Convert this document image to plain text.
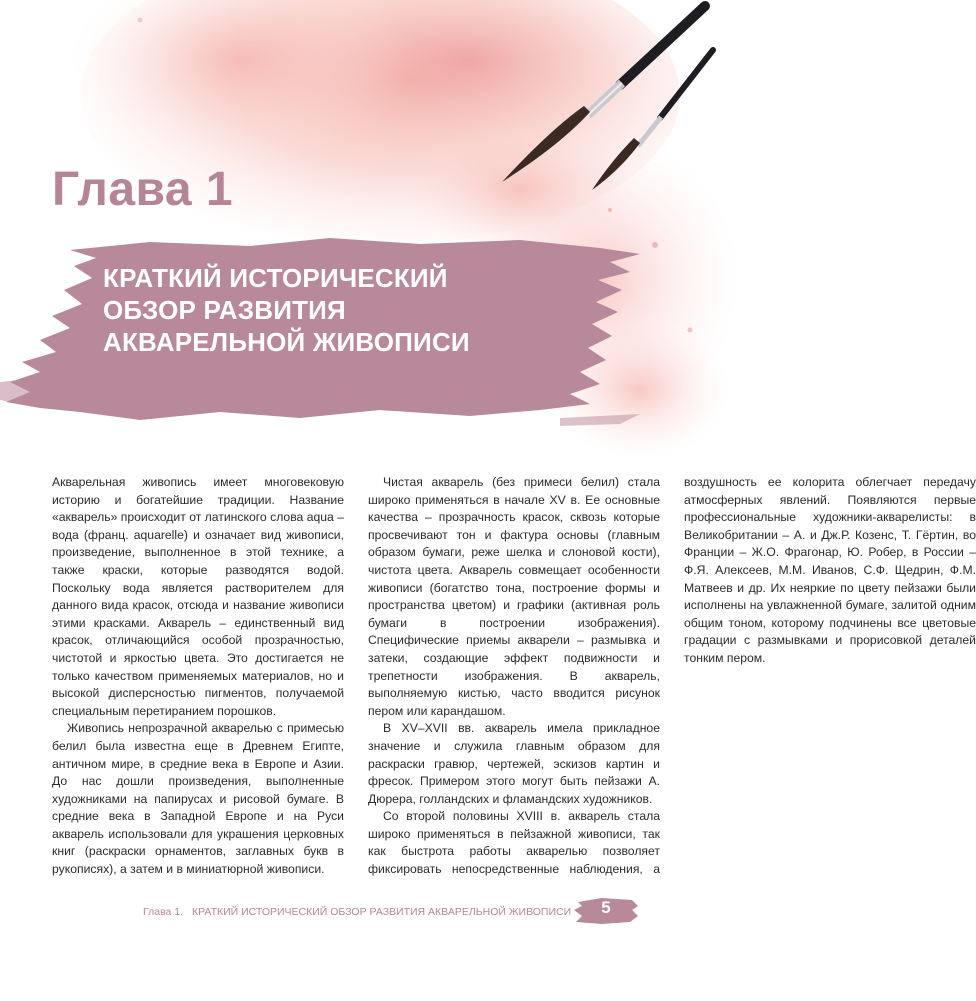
Глава 1
КРАТКИЙ ИСТОРИЧЕСКИЙ
ОБЗОР РАЗВИТИЯ
АКВАРЕЛЬНОЙ ЖИВОПИСИ

Акварельная живопись имеет многовековую историю и богатейшие традиции. Название «акварель» происходит от латинского слова aqua – вода (франц. aquarelle) и означает вид живописи, произведение, выполненное в этой технике, а также краски, которые разводятся водой. Поскольку вода является растворителем для данного вида красок, отсюда и название живописи этими красками. Акварель – единственный вид красок, отличающийся особой прозрачностью, чистотой и яркостью цвета. Это достигается не только качеством применяемых материалов, но и высокой дисперсностью пигментов, получаемой специальным перетиранием порошков.

Живопись непрозрачной акварелью с примесью белил была известна еще в Древнем Египте, античном мире, в средние века в Европе и Азии. До нас дошли произведения, выполненные художниками на папирусах и рисовой бумаге. В средние века в Западной Европе и на Руси акварель использовали для украшения церковных книг (раскраски орнаментов, заглавных букв в рукописях), а затем и в миниатюрной живописи.

Чистая акварель (без примеси белил) стала широко применяться в начале XV в. Ее основные качества – прозрачность красок, сквозь которые просвечивают тон и фактура основы (главным образом бумаги, реже шелка и слоновой кости), чистота цвета. Акварель совмещает особенности живописи (богатство тона, построение формы и пространства цветом) и графики (активная роль бумаги в построении изображения). Специфические приемы акварели – размывка и затеки, создающие эффект подвижности и трепетности изображения. В акварель, выполняемую кистью, часто вводится рисунок пером или карандашом.

В XV–XVII вв. акварель имела прикладное значение и служила главным образом для раскраски гравюр, чертежей, эскизов картин и фресок. Примером этого могут быть пейзажи А. Дюрера, голландских и фламандских художников.

Со второй половины XVIII в. акварель стала широко применяться в пейзажной живописи, так как быстрота работы акварелью позволяет фиксировать непосредственные наблюдения, а воздушность ее колорита облегчает передачу атмосферных явлений. Появляются первые профессиональные художники-акварелисты: в Великобритании – А. и Дж.Р. Козенс, Т. Гёртин, во Франции – Ж.О. Фрагонар, Ю. Робер, в России – Ф.Я. Алексеев, М.М. Иванов, С.Ф. Щедрин, Ф.М. Матвеев и др. Их неяркие по цвету пейзажи были исполнены на увлажненной бумаге, залитой одним общим тоном, которому подчинены все цветовые градации с размывками и прорисовкой деталей тонким пером.

Глава 1. КРАТКИЙ ИСТОРИЧЕСКИЙ ОБЗОР РАЗВИТИЯ АКВАРЕЛЬНОЙ ЖИВОПИСИ	5
